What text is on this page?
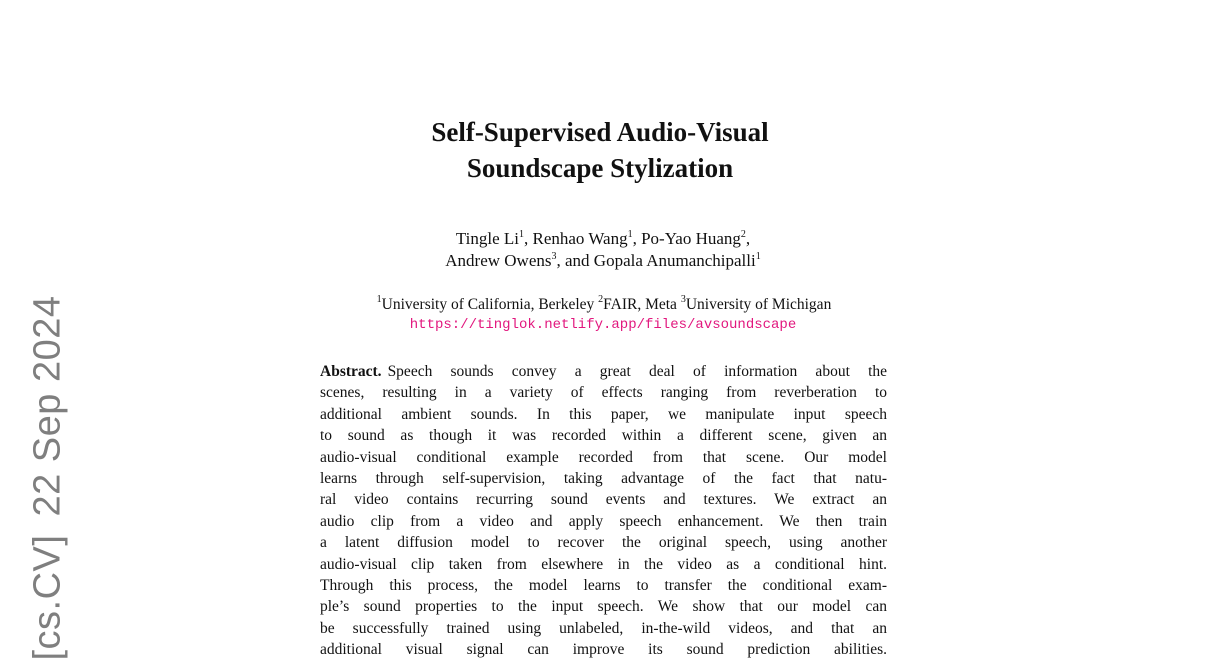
[cs.CV]22 Sep 2024
Self-Supervised Audio-Visual
Soundscape Stylization
Tingle Li$^1$, Renhao Wang$^1$, Po-Yao Huang$^2$,
Andrew Owens$^3$, and Gopala Anumanchipalli$^1$
$^1$University of California, Berkeley $^2$FAIR, Meta $^3$University of Michigan
https://tinglok.netlify.app/files/avsoundscape
Abstract. Speech sounds convey a great deal of information about the
scenes, resulting in a variety of effects ranging from reverberation to
additional ambient sounds. In this paper, we manipulate input speech
to sound as though it was recorded within a different scene, given an
audio-visual conditional example recorded from that scene. Our model
learns through self-supervision, taking advantage of the fact that natu-
ral video contains recurring sound events and textures. We extract an
audio clip from a video and apply speech enhancement. We then train
a latent diffusion model to recover the original speech, using another
audio-visual clip taken from elsewhere in the video as a conditional hint.
Through this process, the model learns to transfer the conditional exam-
ple’s sound properties to the input speech. We show that our model can
be successfully trained using unlabeled, in-the-wild videos, and that an
additional visual signal can improve its sound prediction abilities.
